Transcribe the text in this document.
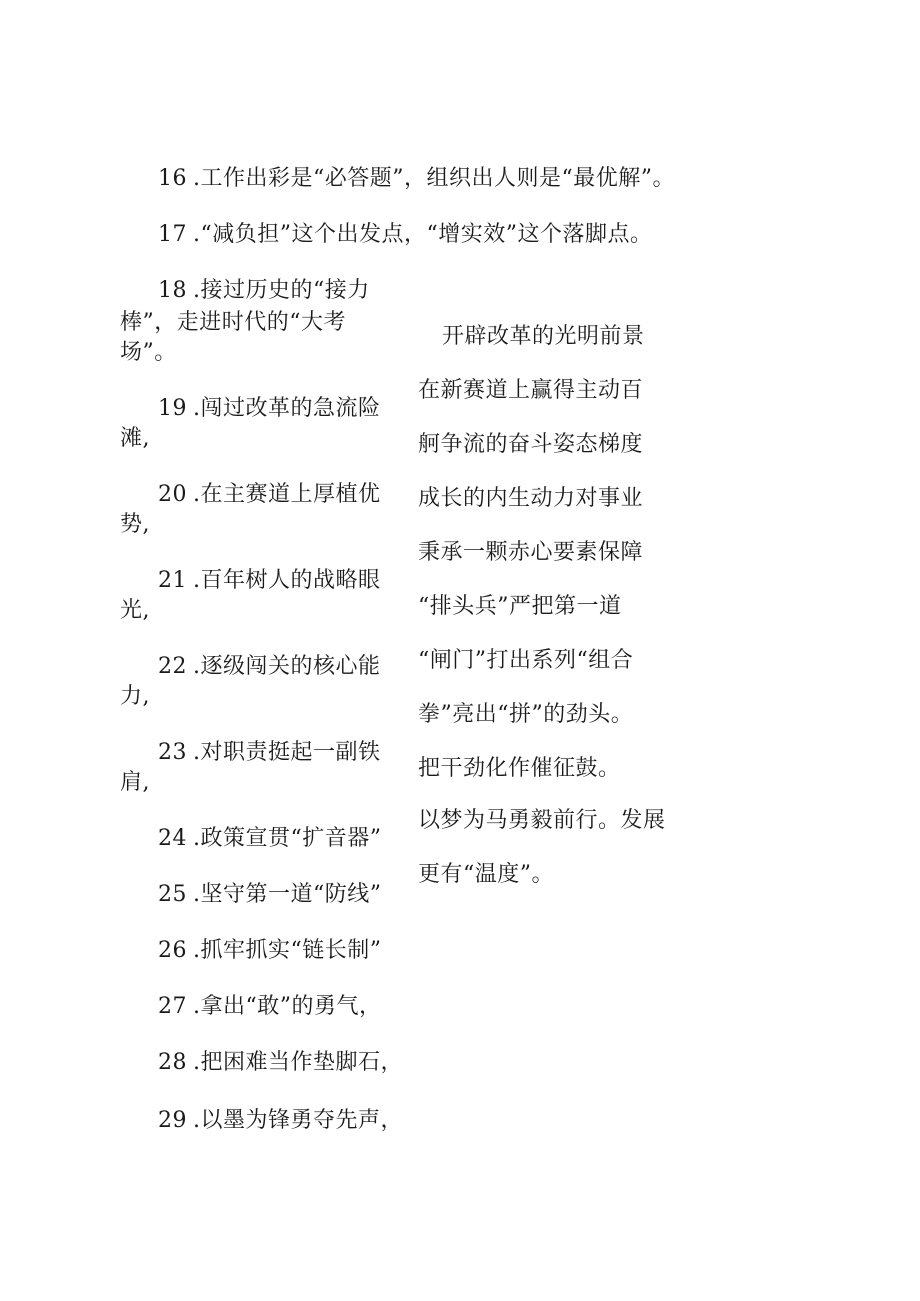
16 .工作出彩是“必答题”，组织出人则是“最优解”。
17 .“减负担”这个出发点，“增实效”这个落脚点。
18 .接过历史的“接力
棒”，走进时代的“大考
场”。
19 .闯过改革的急流险
滩,
20 .在主赛道上厚植优
势,
21 .百年树人的战略眼
光,
22 .逐级闯关的核心能
力,
23 .对职责挺起一副铁
肩,
24 .政策宣贯“扩音器”
25 .坚守第一道“防线”
26 .抓牢抓实“链长制”
27 .拿出“敢”的勇气，
28 .把困难当作垫脚石，
29 .以墨为锋勇夺先声，
开辟改革的光明前景
在新赛道上赢得主动百
舸争流的奋斗姿态梯度
成长的内生动力对事业
秉承一颗赤心要素保障
“排头兵”严把第一道
“闸门”打出系列“组合
拳”亮出“拼”的劲头。
把干劲化作催征鼓。
以梦为马勇毅前行。发展
更有“温度”。
